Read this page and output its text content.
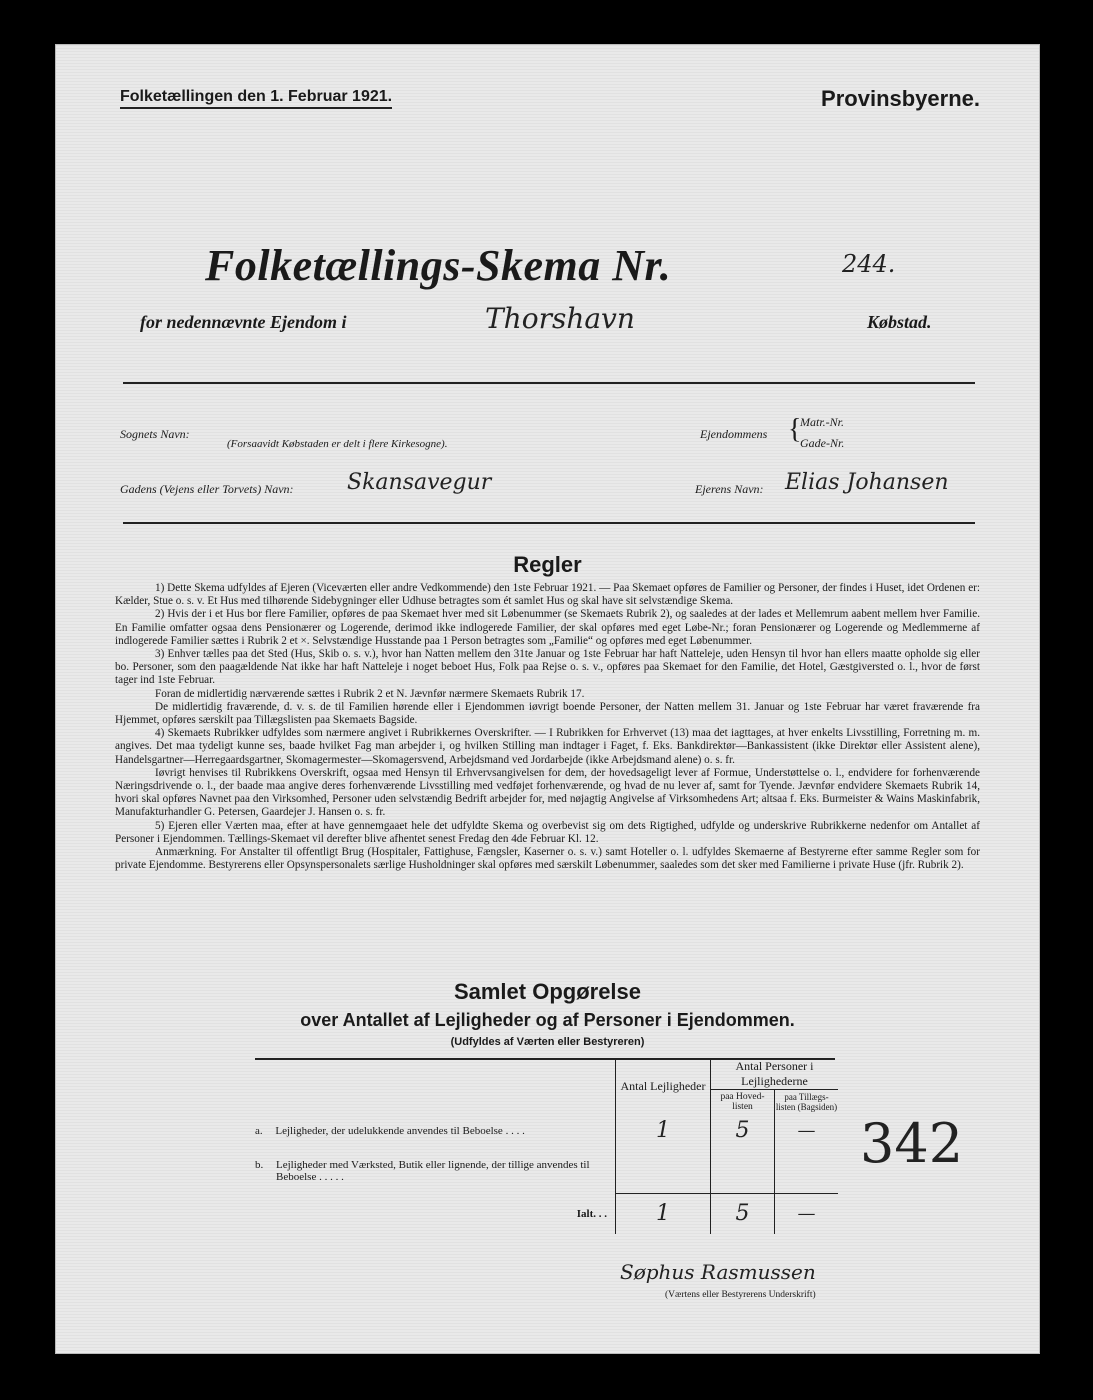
Folketællingen den 1. Februar 1921.	Provinsbyerne.
Folketællings-Skema Nr.	244.
for nedennævnte Ejendom i	Thorshavn	Købstad.
Sognets Navn:
(Forsaavidt Købstaden er delt i flere Kirkesogne).
Ejendommens {
Matr.-Nr.
Gade-Nr.
Gadens (Vejens eller Torvets) Navn: Skansavegur	Ejerens Navn: Elias Johansen
Regler

1) Dette Skema udfyldes af Ejeren (Viceværten eller andre Vedkommende) den 1ste Februar 1921. — Paa Skemaet opføres de Familier og Personer, der findes i Huset, idet Ordenen er: Kælder, Stue o. s. v. Et Hus med tilhørende Sidebygninger eller Udhuse betragtes som ét samlet Hus og skal have sit selvstændige Skema.

2) Hvis der i et Hus bor flere Familier, opføres de paa Skemaet hver med sit Løbenummer (se Skemaets Rubrik 2), og saaledes at der lades et Mellemrum aabent mellem hver Familie. En Familie omfatter ogsaa dens Pensionærer og Logerende, derimod ikke indlogerede Familier, der skal opføres med eget Løbe-Nr.; foran Pensionærer og Logerende og Medlemmerne af indlogerede Familier sættes i Rubrik 2 et ×. Selvstændige Husstande paa 1 Person betragtes som „Familie“ og opføres med eget Løbenummer.

3) Enhver tælles paa det Sted (Hus, Skib o. s. v.), hvor han Natten mellem den 31te Januar og 1ste Februar har haft Natteleje, uden Hensyn til hvor han ellers maatte opholde sig eller bo. Personer, som den paagældende Nat ikke har haft Natteleje i noget beboet Hus, Folk paa Rejse o. s. v., opføres paa Skemaet for den Familie, det Hotel, Gæstgiversted o. l., hvor de først tager ind 1ste Februar.

Foran de midlertidig nærværende sættes i Rubrik 2 et N. Jævnfør nærmere Skemaets Rubrik 17.

De midlertidig fraværende, d. v. s. de til Familien hørende eller i Ejendommen iøvrigt boende Personer, der Natten mellem 31. Januar og 1ste Februar har været fraværende fra Hjemmet, opføres særskilt paa Tillægslisten paa Skemaets Bagside.

4) Skemaets Rubrikker udfyldes som nærmere angivet i Rubrikkernes Overskrifter. — I Rubrikken for Erhvervet (13) maa det iagttages, at hver enkelts Livsstilling, Forretning m. m. angives. Det maa tydeligt kunne ses, baade hvilket Fag man arbejder i, og hvilken Stilling man indtager i Faget, f. Eks. Bankdirektør—Bankassistent (ikke Direktør eller Assistent alene), Handelsgartner—Herregaardsgartner, Skomagermester—Skomagersvend, Arbejdsmand ved Jordarbejde (ikke Arbejdsmand alene) o. s. fr.

Iøvrigt henvises til Rubrikkens Overskrift, ogsaa med Hensyn til Erhvervsangivelsen for dem, der hovedsageligt lever af Formue, Understøttelse o. l., endvidere for forhenværende Næringsdrivende o. l., der baade maa angive deres forhenværende Livsstilling med vedføjet forhenværende, og hvad de nu lever af, samt for Tyende. Jævnfør endvidere Skemaets Rubrik 14, hvori skal opføres Navnet paa den Virksomhed, Personer uden selvstændig Bedrift arbejder for, med nøjagtig Angivelse af Virksomhedens Art; altsaa f. Eks. Burmeister & Wains Maskinfabrik, Manufakturhandler G. Petersen, Gaardejer J. Hansen o. s. fr.

5) Ejeren eller Værten maa, efter at have gennemgaaet hele det udfyldte Skema og overbevist sig om dets Rigtighed, udfylde og underskrive Rubrikkerne nedenfor om Antallet af Personer i Ejendommen. Tællings-Skemaet vil derefter blive afhentet senest Fredag den 4de Februar Kl. 12.

Anmærkning. For Anstalter til offentligt Brug (Hospitaler, Fattighuse, Fængsler, Kaserner o. s. v.) samt Hoteller o. l. udfyldes Skemaerne af Bestyrerne efter samme Regler som for private Ejendomme. Bestyrerens eller Opsynspersonalets særlige Husholdninger skal opføres med særskilt Løbenummer, saaledes som det sker med Familierne i private Huse (jfr. Rubrik 2).

Samlet Opgørelse
over Antallet af Lejligheder og af Personer i Ejendommen.
(Udfyldes af Værten eller Bestyreren)
	Antal Lejligheder	Antal Personer i Lejlighederne	
		paa Hoved-listen	paa Tillægs-listen (Bagsiden)
a. Lejligheder, der udelukkende anvendes til Beboelse . . . .	1	5	—
b. Lejligheder med Værksted, Butik eller lignende, der tillige anvendes til Beboelse . . . . .			
Ialt. . .	1	5	—
342
Søphus Rasmussen
(Værtens eller Bestyrerens Underskrift)
